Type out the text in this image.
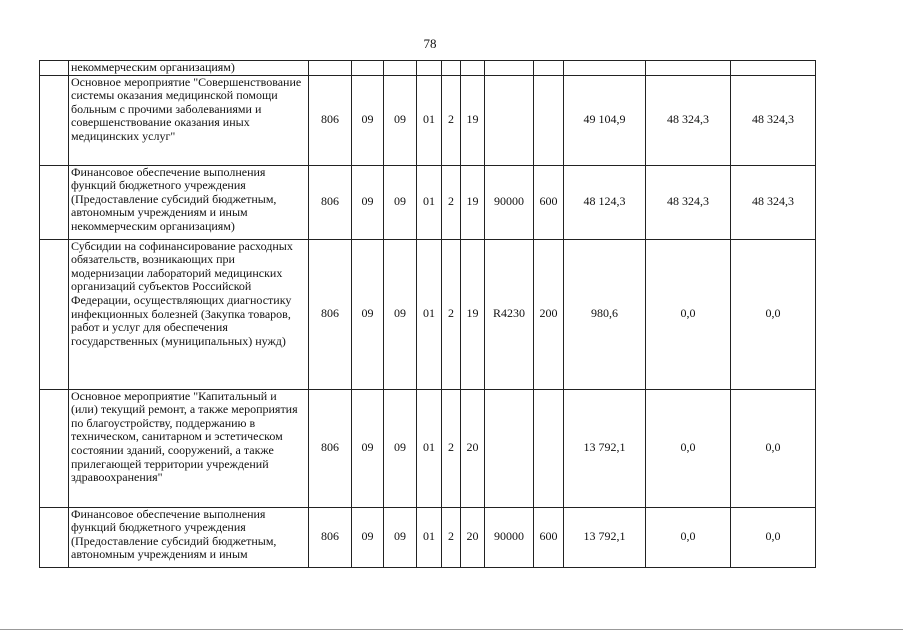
78
	некоммерческим организациям)											
	Основное мероприятие "Совершенствование системы оказания медицинской помощи больным с прочими заболеваниями и совершенствование оказания иных медицинских услуг"	806	09	09	01	2	19			49 104,9	48 324,3	48 324,3
	Финансовое обеспечение выполнения функций бюджетного учреждения (Предоставление субсидий бюджетным, автономным учреждениям и иным некоммерческим организациям)	806	09	09	01	2	19	90000	600	48 124,3	48 324,3	48 324,3
	Субсидии на софинансирование расходных обязательств, возникающих при модернизации лабораторий медицинских организаций субъектов Российской Федерации, осуществляющих диагностику инфекционных болезней (Закупка товаров, работ и услуг для обеспечения государственных (муниципальных) нужд)	806	09	09	01	2	19	R4230	200	980,6	0,0	0,0
	Основное мероприятие "Капитальный и (или) текущий ремонт, а также мероприятия по благоустройству, поддержанию в техническом, санитарном и эстетическом состоянии зданий, сооружений, а также прилегающей территории учреждений здравоохранения"	806	09	09	01	2	20			13 792,1	0,0	0,0
	Финансовое обеспечение выполнения функций бюджетного учреждения (Предоставление субсидий бюджетным, автономным учреждениям и иным	806	09	09	01	2	20	90000	600	13 792,1	0,0	0,0
